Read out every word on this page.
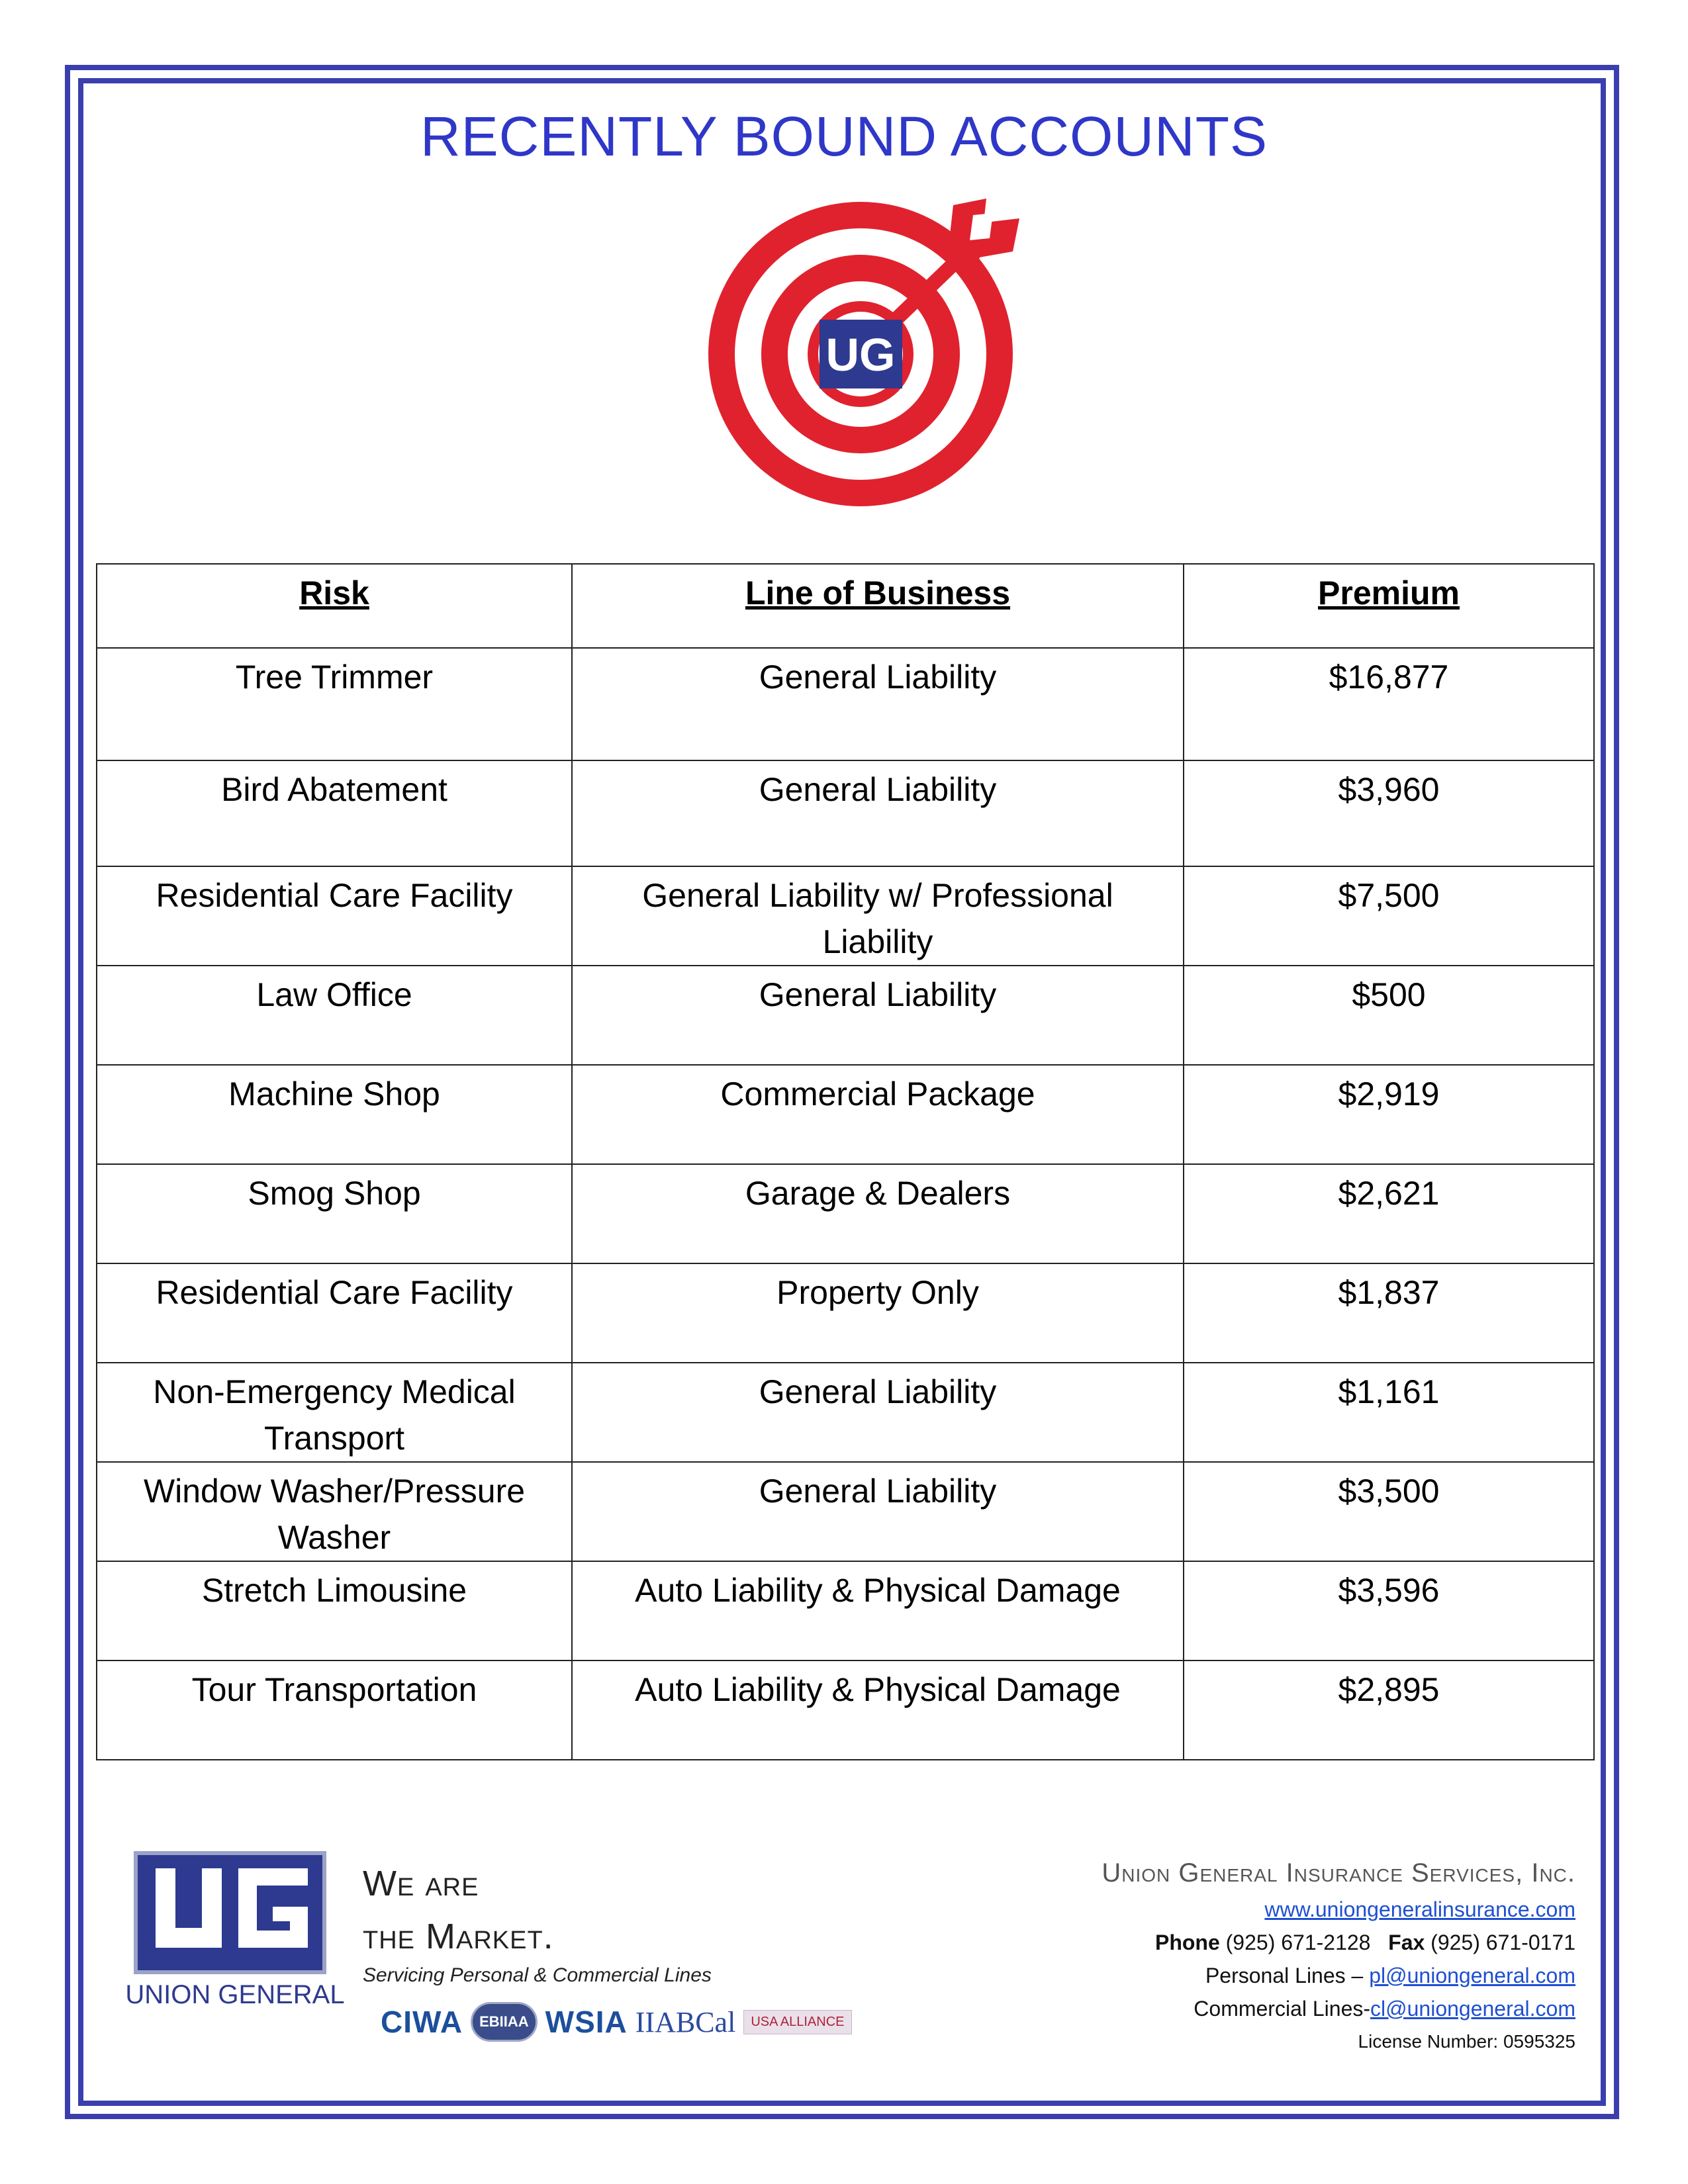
RECENTLY BOUND ACCOUNTS
UG
Risk	Line of Business	Premium
Tree Trimmer	General Liability	$16,877
Bird Abatement	General Liability	$3,960
Residential Care Facility	General Liability w/ Professional Liability	$7,500
Law Office	General Liability	$500
Machine Shop	Commercial Package	$2,919
Smog Shop	Garage & Dealers	$2,621
Residential Care Facility	Property Only	$1,837
Non-Emergency Medical Transport	General Liability	$1,161
Window Washer/Pressure Washer	General Liability	$3,500
Stretch Limousine	Auto Liability & Physical Damage	$3,596
Tour Transportation	Auto Liability & Physical Damage	$2,895
UNION GENERAL
We are
the Market.
Servicing Personal & Commercial Lines
CIWA	EBIIAA WSIA IIABCal	USA ALLIANCE
Union General Insurance Services, Inc.
www.uniongeneralinsurance.com
Phone (925) 671-2128 Fax (925) 671-0171
Personal Lines – pl@uniongeneral.com
Commercial Lines-cl@uniongeneral.com
License Number: 0595325
